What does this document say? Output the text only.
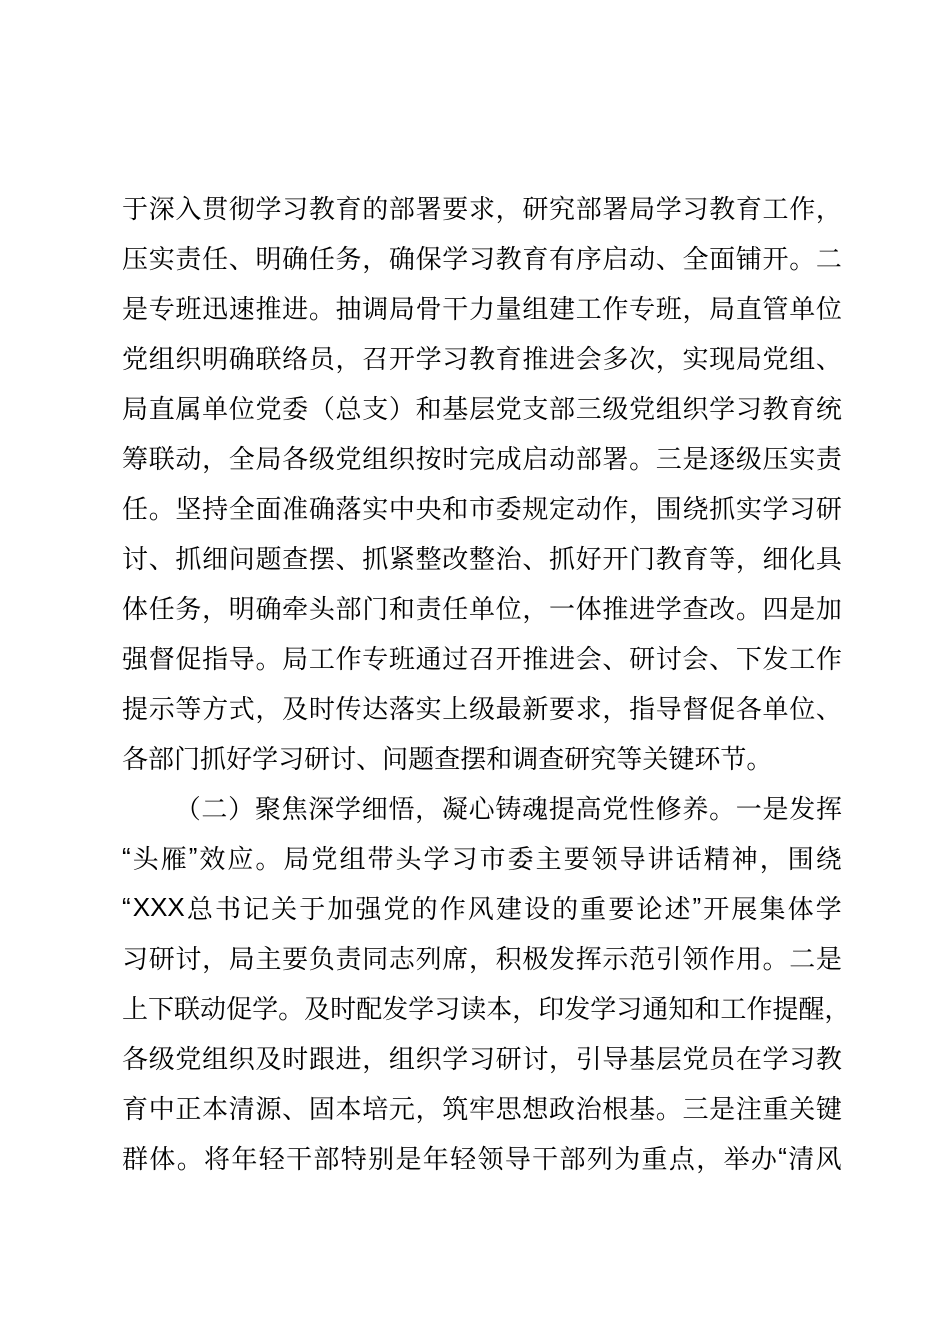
于 深 入 贯 彻 学 习 教 育 的 部 署 要 求 ， 研 究 部 署 局 学 习 教 育 工 作 ，
压 实 责 任 、 明 确 任 务 ， 确 保 学 习 教 育 有 序 启 动 、 全 面 铺 开 。 二
是 专 班 迅 速 推 进 。 抽 调 局 骨 干 力 量 组 建 工 作 专 班 ， 局 直 管 单 位
党 组 织 明 确 联 络 员 ， 召 开 学 习 教 育 推 进 会 多 次 ， 实 现 局 党 组 、
局 直 属 单 位 党 委 （ 总 支 ） 和 基 层 党 支 部 三 级 党 组 织 学 习 教 育 统
筹 联 动 ， 全 局 各 级 党 组 织 按 时 完 成 启 动 部 署 。 三 是 逐 级 压 实 责
任 。 坚 持 全 面 准 确 落 实 中 央 和 市 委 规 定 动 作 ， 围 绕 抓 实 学 习 研
讨 、 抓 细 问 题 查 摆 、 抓 紧 整 改 整 治 、 抓 好 开 门 教 育 等 ， 细 化 具
体 任 务 ， 明 确 牵 头 部 门 和 责 任 单 位 ， 一 体 推 进 学 查 改 。 四 是 加
强 督 促 指 导 。 局 工 作 专 班 通 过 召 开 推 进 会 、 研 讨 会 、 下 发 工 作
提 示 等 方 式 ， 及 时 传 达 落 实 上 级 最 新 要 求 ， 指 导 督 促 各 单 位 、
各 部 门 抓 好 学 习 研 讨 、 问 题 查 摆 和 调 查 研 究 等 关 键 环 节 。
（ 二 ） 聚 焦 深 学 细 悟 ， 凝 心 铸 魂 提 高 党 性 修 养 。 一 是 发 挥
“ 头 雁 ” 效 应 。 局 党 组 带 头 学 习 市 委 主 要 领 导 讲 话 精 神 ， 围 绕
“ XXX 总 书 记 关 于 加 强 党 的 作 风 建 设 的 重 要 论 述 ” 开 展 集 体 学
习 研 讨 ， 局 主 要 负 责 同 志 列 席 ， 积 极 发 挥 示 范 引 领 作 用 。 二 是
上 下 联 动 促 学 。 及 时 配 发 学 习 读 本 ， 印 发 学 习 通 知 和 工 作 提 醒 ，
各 级 党 组 织 及 时 跟 进 ， 组 织 学 习 研 讨 ， 引 导 基 层 党 员 在 学 习 教
育 中 正 本 清 源 、 固 本 培 元 ， 筑 牢 思 想 政 治 根 基 。 三 是 注 重 关 键
群 体 。 将 年 轻 干 部 特 别 是 年 轻 领 导 干 部 列 为 重 点 ， 举 办 “ 清 风
